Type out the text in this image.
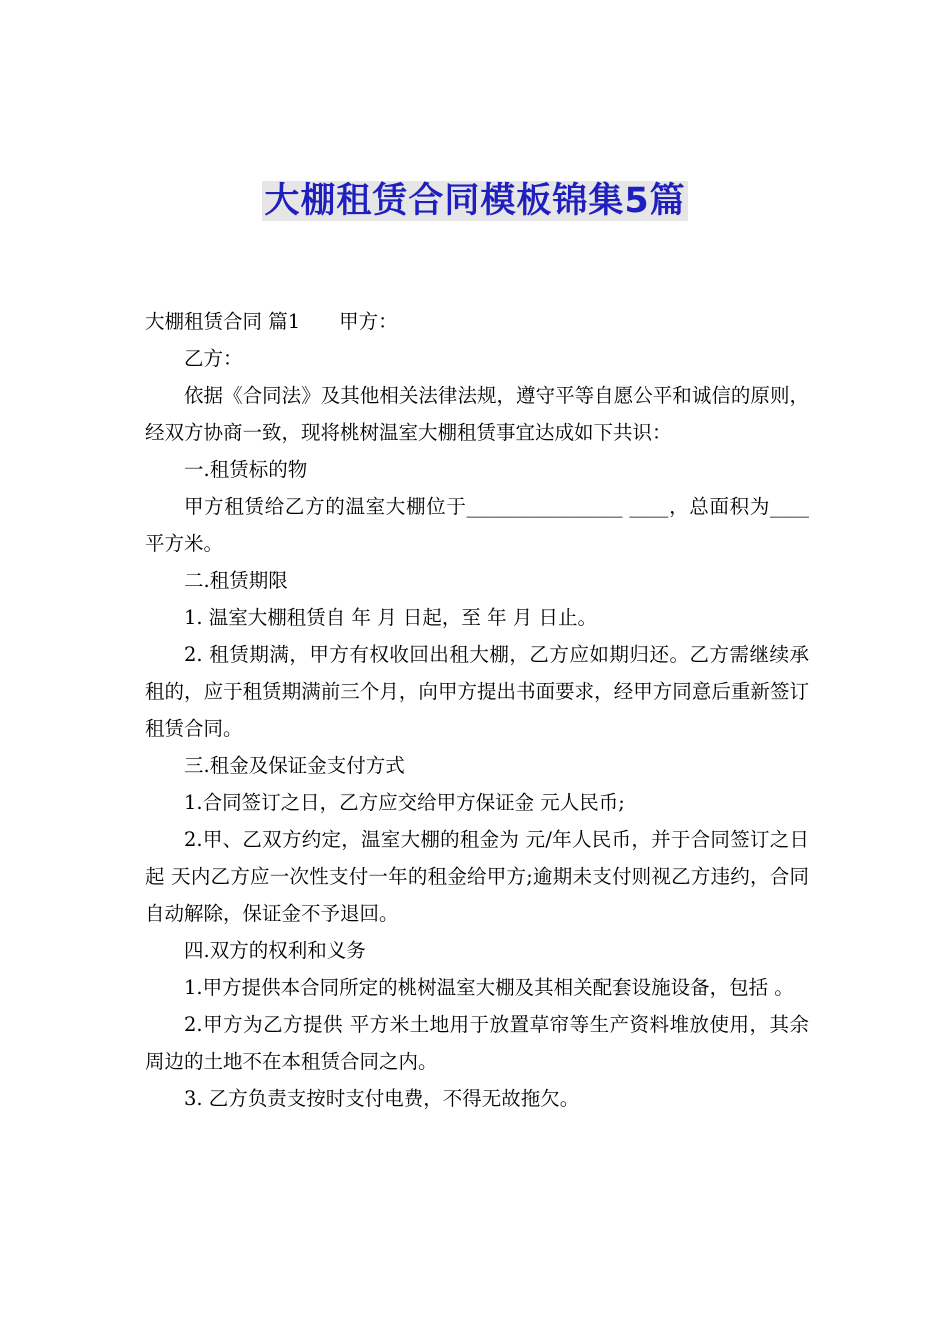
大棚租赁合同模板锦集5篇

大棚租赁合同 篇1　　甲方：

乙方：

依据《合同法》及其他相关法律法规，遵守平等自愿公平和诚信的原则，经双方协商一致，现将桃树温室大棚租赁事宜达成如下共识：

一.租赁标的物

甲方租赁给乙方的温室大棚位于________________ ____，总面积为____ 平方米。

二.租赁期限

1. 温室大棚租赁自 年 月 日起，至 年 月 日止。

2. 租赁期满，甲方有权收回出租大棚，乙方应如期归还。乙方需继续承租的，应于租赁期满前三个月，向甲方提出书面要求，经甲方同意后重新签订租赁合同。

三.租金及保证金支付方式

1.合同签订之日，乙方应交给甲方保证金 元人民币;

2.甲、乙双方约定，温室大棚的租金为 元/年人民币，并于合同签订之日起 天内乙方应一次性支付一年的租金给甲方;逾期未支付则视乙方违约，合同自动解除，保证金不予退回。

四.双方的权利和义务

1.甲方提供本合同所定的桃树温室大棚及其相关配套设施设备，包括 。

2.甲方为乙方提供 平方米土地用于放置草帘等生产资料堆放使用，其余周边的土地不在本租赁合同之内。

3. 乙方负责支按时支付电费，不得无故拖欠。
